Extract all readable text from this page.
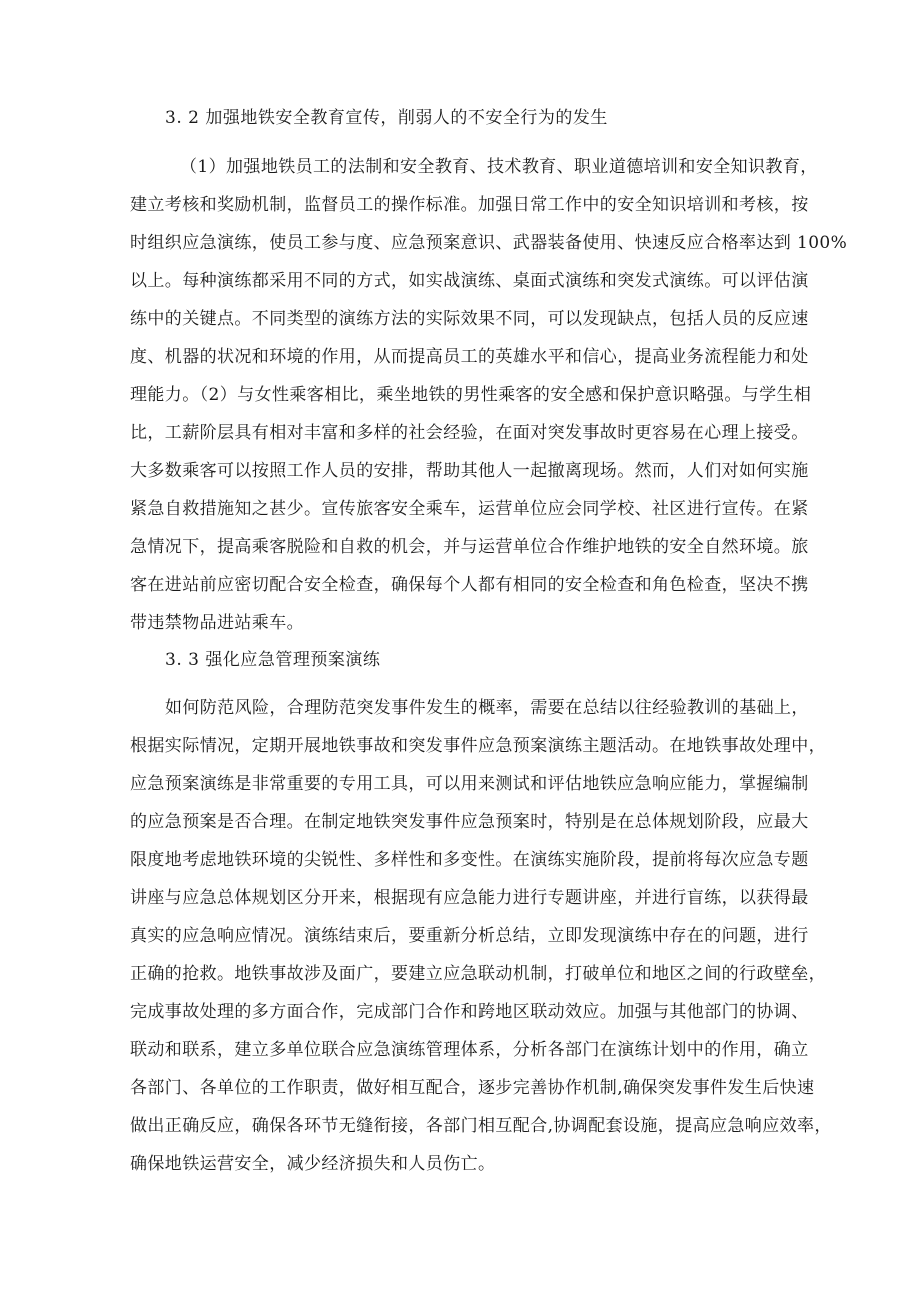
3. 2 加强地铁安全教育宣传，削弱人的不安全行为的发生
（1）加强地铁员工的法制和安全教育、技术教育、职业道德培训和安全知识教育，
建立考核和奖励机制，监督员工的操作标准。加强日常工作中的安全知识培训和考核，按
时组织应急演练，使员工参与度、应急预案意识、武器装备使用、快速反应合格率达到 100%
以上。每种演练都采用不同的方式，如实战演练、桌面式演练和突发式演练。可以评估演
练中的关键点。不同类型的演练方法的实际效果不同，可以发现缺点，包括人员的反应速
度、机器的状况和环境的作用，从而提高员工的英雄水平和信心，提高业务流程能力和处
理能力。（2）与女性乘客相比，乘坐地铁的男性乘客的安全感和保护意识略强。与学生相
比，工薪阶层具有相对丰富和多样的社会经验，在面对突发事故时更容易在心理上接受。
大多数乘客可以按照工作人员的安排，帮助其他人一起撤离现场。然而，人们对如何实施
紧急自救措施知之甚少。宣传旅客安全乘车，运营单位应会同学校、社区进行宣传。在紧
急情况下，提高乘客脱险和自救的机会，并与运营单位合作维护地铁的安全自然环境。旅
客在进站前应密切配合安全检查，确保每个人都有相同的安全检查和角色检查，坚决不携
带违禁物品进站乘车。
3. 3 强化应急管理预案演练
如何防范风险，合理防范突发事件发生的概率，需要在总结以往经验教训的基础上，
根据实际情况，定期开展地铁事故和突发事件应急预案演练主题活动。在地铁事故处理中，
应急预案演练是非常重要的专用工具，可以用来测试和评估地铁应急响应能力，掌握编制
的应急预案是否合理。在制定地铁突发事件应急预案时，特别是在总体规划阶段，应最大
限度地考虑地铁环境的尖锐性、多样性和多变性。在演练实施阶段，提前将每次应急专题
讲座与应急总体规划区分开来，根据现有应急能力进行专题讲座，并进行盲练，以获得最
真实的应急响应情况。演练结束后，要重新分析总结，立即发现演练中存在的问题，进行
正确的抢救。地铁事故涉及面广，要建立应急联动机制，打破单位和地区之间的行政壁垒，
完成事故处理的多方面合作，完成部门合作和跨地区联动效应。加强与其他部门的协调、
联动和联系，建立多单位联合应急演练管理体系，分析各部门在演练计划中的作用，确立
各部门、各单位的工作职责，做好相互配合，逐步完善协作机制,确保突发事件发生后快速
做出正确反应，确保各环节无缝衔接，各部门相互配合,协调配套设施，提高应急响应效率，
确保地铁运营安全，减少经济损失和人员伤亡。
